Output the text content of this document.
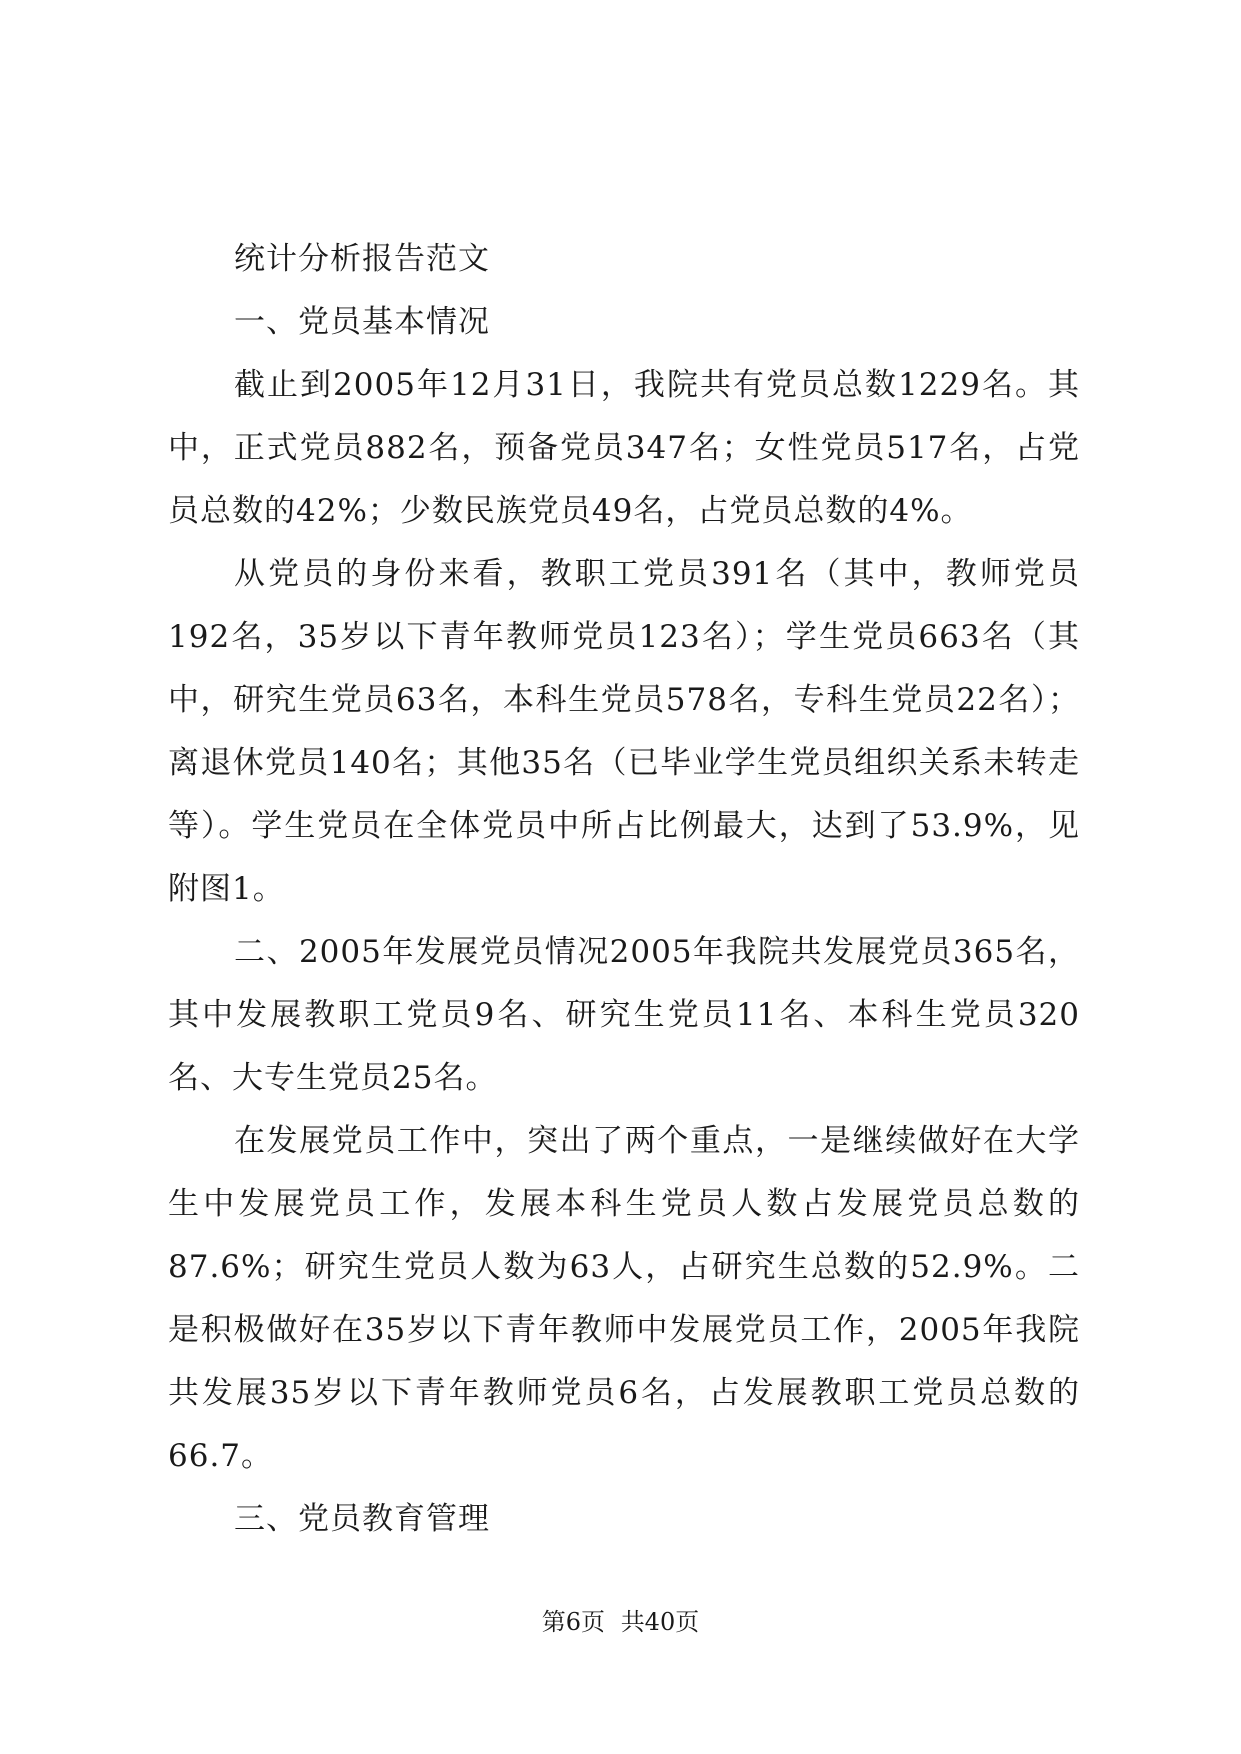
统计分析报告范文

一、党员基本情况

截止到2005年12月31日，我院共有党员总数1229名。其中，正式党员882名，预备党员347名；女性党员517名，占党员总数的42%；少数民族党员49名，占党员总数的4%。

从党员的身份来看，教职工党员391名（其中，教师党员192名，35岁以下青年教师党员123名）；学生党员663名（其中，研究生党员63名，本科生党员578名，专科生党员22名）；离退休党员140名；其他35名（已毕业学生党员组织关系未转走等）。学生党员在全体党员中所占比例最大，达到了53.9%，见附图1。

二、2005年发展党员情况2005年我院共发展党员365名，其中发展教职工党员9名、研究生党员11名、本科生党员320名、大专生党员25名。

在发展党员工作中，突出了两个重点，一是继续做好在大学生中发展党员工作，发展本科生党员人数占发展党员总数的87.6%；研究生党员人数为63人，占研究生总数的52.9%。二是积极做好在35岁以下青年教师中发展党员工作，2005年我院共发展35岁以下青年教师党员6名，占发展教职工党员总数的66.7。

三、党员教育管理

第6页 共40页
